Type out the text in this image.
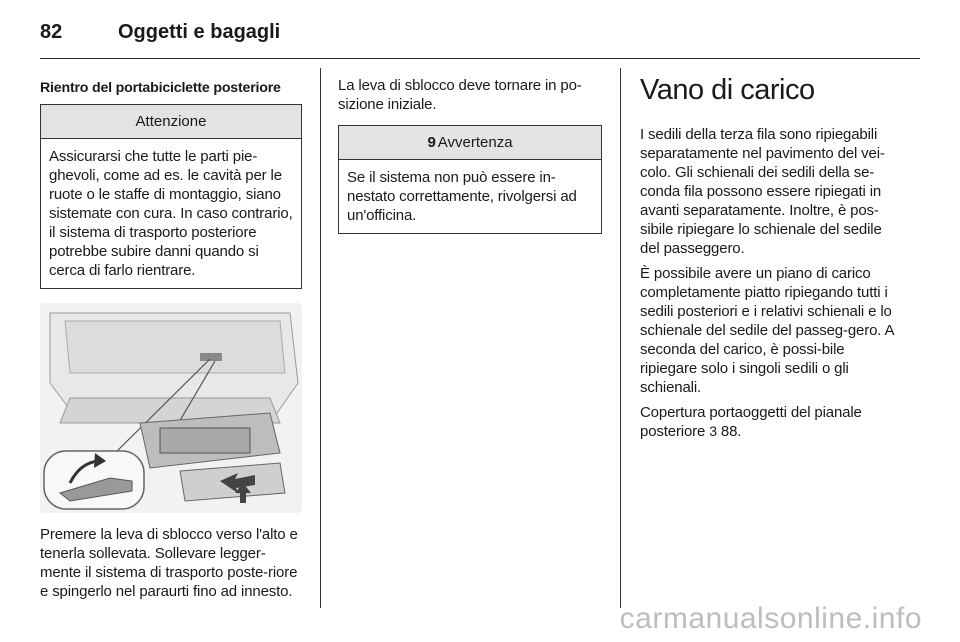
82	Oggetti e bagagli
Rientro del portabiciclette posteriore
Attenzione
Assicurarsi che tutte le parti pie-ghevoli, come ad es. le cavità per le ruote o le staffe di montaggio, siano sistemate con cura. In caso contrario, il sistema di trasporto posteriore potrebbe subire danni quando si cerca di farlo rientrare.

Premere la leva di sblocco verso l'alto e tenerla sollevata. Sollevare legger-mente il sistema di trasporto poste-riore e spingerlo nel paraurti fino ad innesto.

La leva di sblocco deve tornare in po-sizione iniziale.

9 Avvertenza
Se il sistema non può essere in-nestato correttamente, rivolgersi ad un'officina.
Vano di carico

I sedili della terza fila sono ripiegabili separatamente nel pavimento del vei-colo. Gli schienali dei sedili della se-conda fila possono essere ripiegati in avanti separatamente. Inoltre, è pos-sibile ripiegare lo schienale del sedile del passeggero.

È possibile avere un piano di carico completamente piatto ripiegando tutti i sedili posteriori e i relativi schienali e lo schienale del sedile del passeg-gero. A seconda del carico, è possi-bile ripiegare solo i singoli sedili o gli schienali.

Copertura portaoggetti del pianale posteriore 3 88.

carmanualsonline.info
